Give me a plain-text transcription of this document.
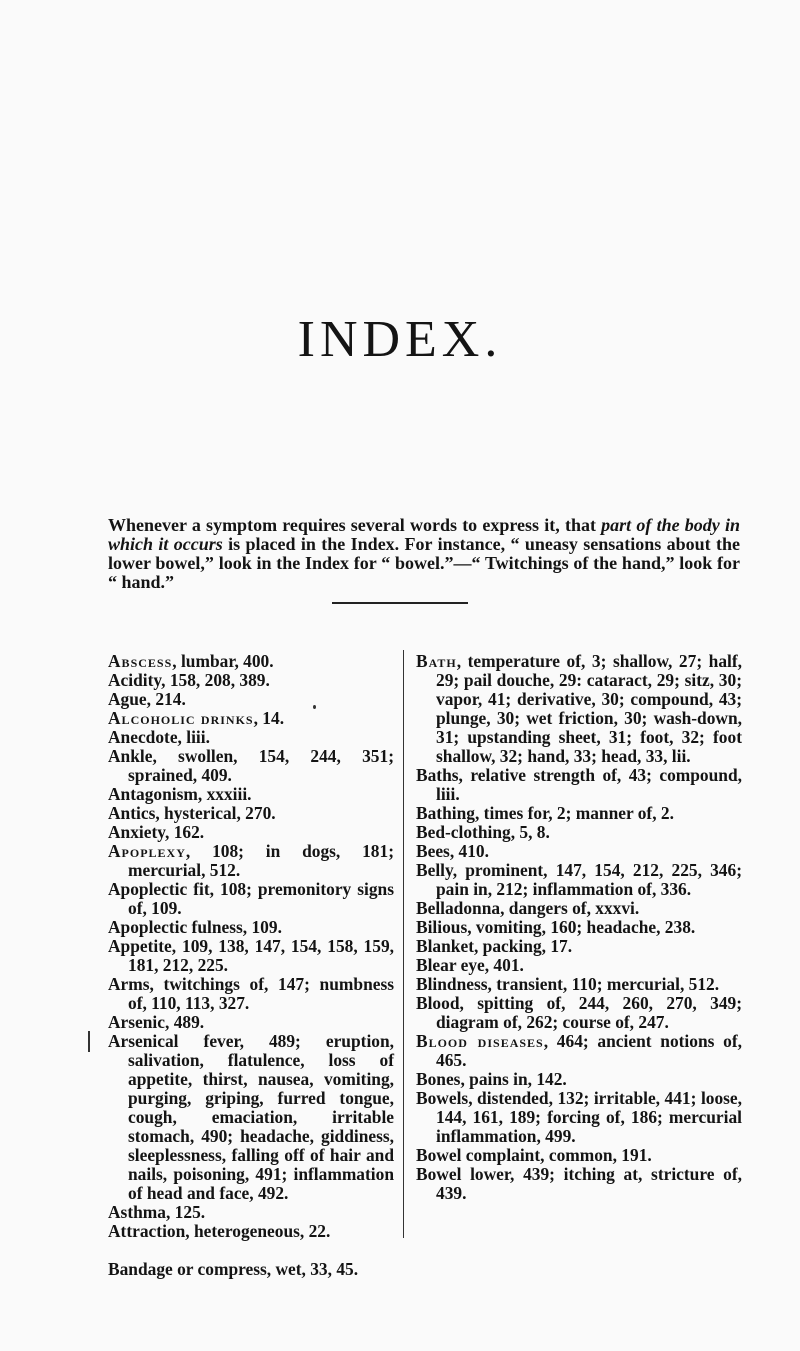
INDEX.

Whenever a symptom requires several words to express it, that part of the body in which it occurs is placed in the Index. For instance, “ uneasy sensations about the lower bowel,” look in the Index for “ bowel.”—“ Twitchings of the hand,” look for “ hand.”

Abscess, lumbar, 400.

Acidity, 158, 208, 389.

Ague, 214.

Alcoholic drinks, 14.

Anecdote, liii.

Ankle, swollen, 154, 244, 351; sprained, 409.

Antagonism, xxxiii.

Antics, hysterical, 270.

Anxiety, 162.

Apoplexy, 108; in dogs, 181; mercurial, 512.

Apoplectic fit, 108; premonitory signs of, 109.

Apoplectic fulness, 109.

Appetite, 109, 138, 147, 154, 158, 159, 181, 212, 225.

Arms, twitchings of, 147; numbness of, 110, 113, 327.

Arsenic, 489.

Arsenical fever, 489; eruption, salivation, flatulence, loss of appetite, thirst, nausea, vomiting, purging, griping, furred tongue, cough, emaciation, irritable stomach, 490; headache, giddiness, sleeplessness, falling off of hair and nails, poisoning, 491; inflammation of head and face, 492.

Asthma, 125.

Attraction, heterogeneous, 22.

Bandage or compress, wet, 33, 45.

Bath, temperature of, 3; shallow, 27; half, 29; pail douche, 29: cataract, 29; sitz, 30; vapor, 41; derivative, 30; compound, 43; plunge, 30; wet friction, 30; wash-down, 31; upstanding sheet, 31; foot, 32; foot shallow, 32; hand, 33; head, 33, lii.

Baths, relative strength of, 43; compound, liii.

Bathing, times for, 2; manner of, 2.

Bed-clothing, 5, 8.

Bees, 410.

Belly, prominent, 147, 154, 212, 225, 346; pain in, 212; inflammation of, 336.

Belladonna, dangers of, xxxvi.

Bilious, vomiting, 160; headache, 238.

Blanket, packing, 17.

Blear eye, 401.

Blindness, transient, 110; mercurial, 512.

Blood, spitting of, 244, 260, 270, 349; diagram of, 262; course of, 247.

Blood diseases, 464; ancient notions of, 465.

Bones, pains in, 142.

Bowels, distended, 132; irritable, 441; loose, 144, 161, 189; forcing of, 186; mercurial inflammation, 499.

Bowel complaint, common, 191.

Bowel lower, 439; itching at, stricture of, 439.
